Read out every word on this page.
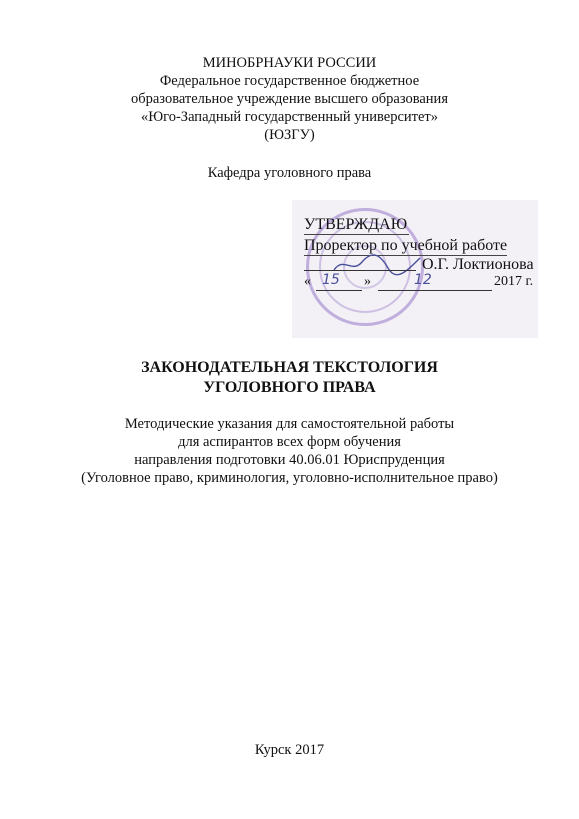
МИНОБРНАУКИ РОССИИ
Федеральное государственное бюджетное
образовательное учреждение высшего образования
«Юго-Западный государственный университет»
(ЮЗГУ)
Кафедра уголовного права
УТВЕРЖДАЮ
Проректор по учебной работе
О.Г. Локтионова
« 15 »	12	2017 г.
ЗАКОНОДАТЕЛЬНАЯ ТЕКСТОЛОГИЯ
УГОЛОВНОГО ПРАВА
Методические указания для самостоятельной работы
для аспирантов всех форм обучения
направления подготовки 40.06.01 Юриспруденция
(Уголовное право, криминология, уголовно-исполнительное право)
Курск 2017
